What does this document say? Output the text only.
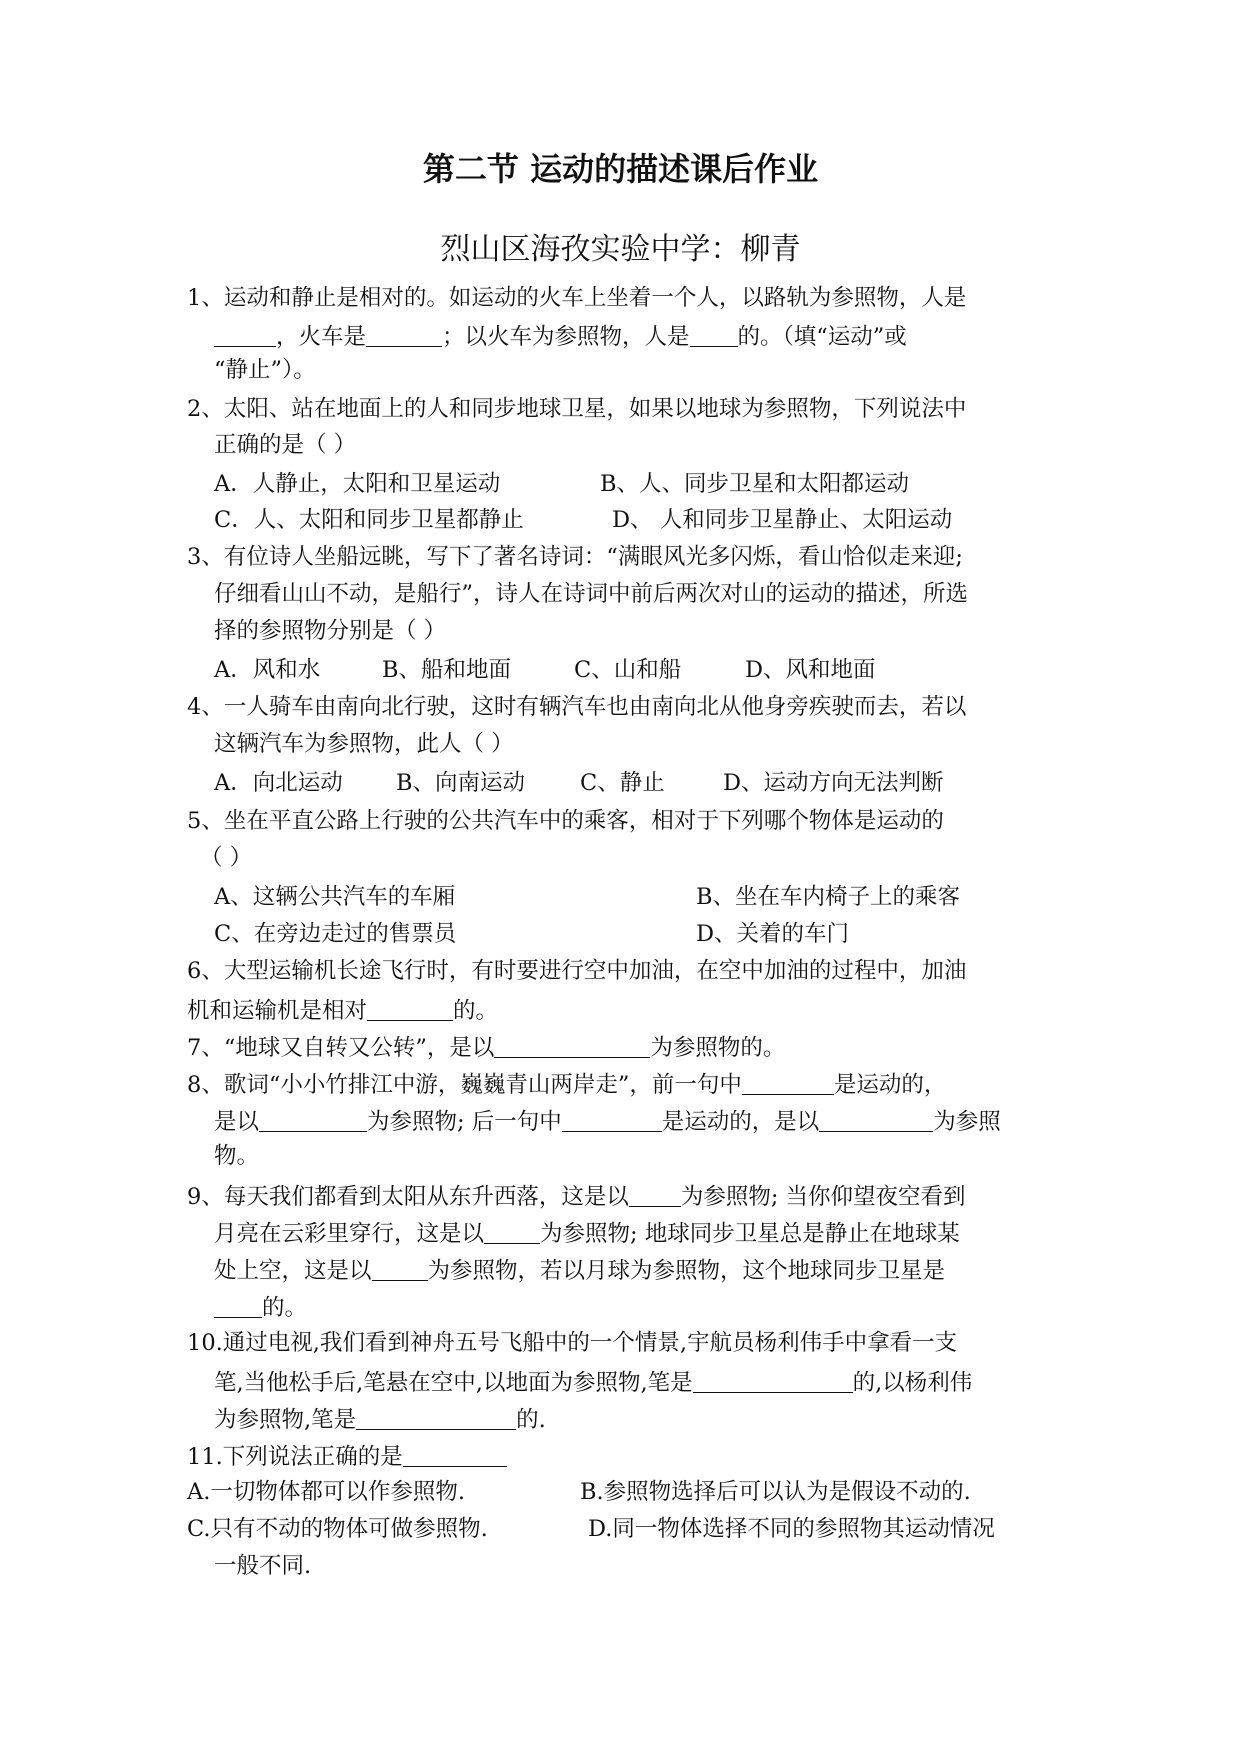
第二节 运动的描述课后作业
烈山区海孜实验中学：柳青
1、运动和静止是相对的。如运动的火车上坐着一个人，以路轨为参照物，人是
，火车是	；以火车为参照物，人是 的。（填“运动”或
“静止”）。
2、太阳、站在地面上的人和同步地球卫星，如果以地球为参照物，下列说法中
正确的是（ ）
A．人静止，太阳和卫星运动	B、人、同步卫星和太阳都运动
C．人、太阳和同步卫星都静止	D、 人和同步卫星静止、太阳运动
3、有位诗人坐船远眺，写下了著名诗词：“满眼风光多闪烁，看山恰似走来迎;
仔细看山山不动，是船行”，诗人在诗词中前后两次对山的运动的描述，所选
择的参照物分别是（ ）
A．风和水	B、船和地面	C、山和船	D、风和地面
4、一人骑车由南向北行驶，这时有辆汽车也由南向北从他身旁疾驶而去，若以
这辆汽车为参照物，此人（ ）
A．向北运动 B、向南运动 C、静止	D、运动方向无法判断
5、坐在平直公路上行驶的公共汽车中的乘客，相对于下列哪个物体是运动的
（ ）
A、这辆公共汽车的车厢	B、坐在车内椅子上的乘客
C、在旁边走过的售票员	D、关着的车门
6、大型运输机长途飞行时，有时要进行空中加油，在空中加油的过程中，加油
机和运输机是相对	的。
7、“地球又自转又公转”，是以	为参照物的。
8、歌词“小小竹排江中游，巍巍青山两岸走”，前一句中	是运动的，
是以	为参照物; 后一句中	是运动的，是以	为参照
物。
9、每天我们都看到太阳从东升西落，这是以 为参照物; 当你仰望夜空看到
月亮在云彩里穿行，这是以 为参照物; 地球同步卫星总是静止在地球某
处上空，这是以 为参照物，若以月球为参照物，这个地球同步卫星是
的。
10.通过电视,我们看到神舟五号飞船中的一个情景,宇航员杨利伟手中拿看一支
笔,当他松手后,笔悬在空中,以地面为参照物,笔是	的,以杨利伟
为参照物,笔是	的.
11.下列说法正确的是
A.一切物体都可以作参照物.	B.参照物选择后可以认为是假设不动的.
C.只有不动的物体可做参照物.	D.同一物体选择不同的参照物其运动情况
一般不同.
